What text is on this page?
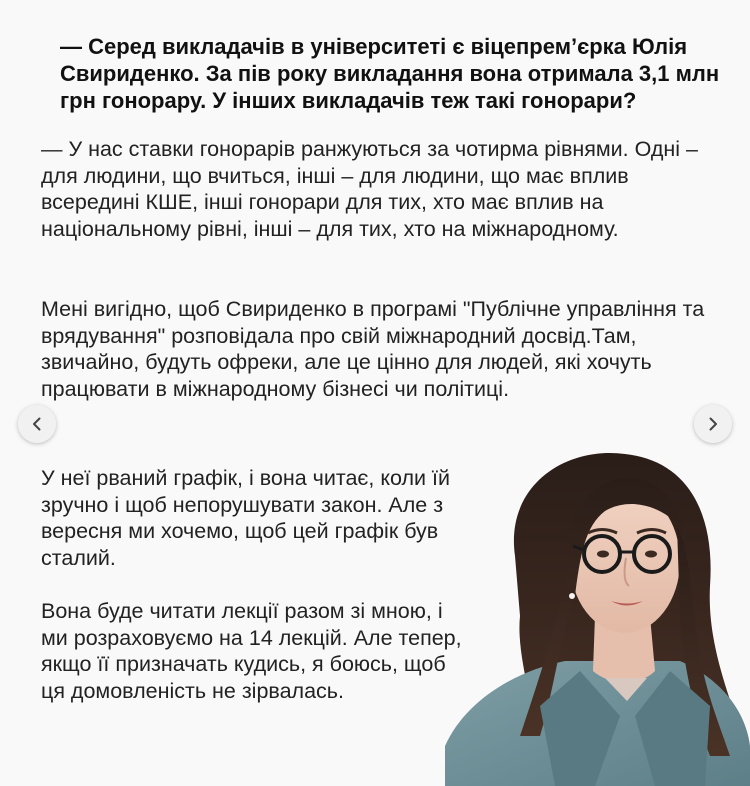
— Серед викладачів в університеті є віцепрем’єрка Юлія Свириденко. За пів року викладання вона отримала 3,1 млн грн гонорару. У інших викладачів теж такі гонорари?

— У нас ставки гонорарів ранжуються за чотирма рівнями. Одні – для людини, що вчиться, інші – для людини, що має вплив всередині КШЕ, інші гонорари для тих, хто має вплив на національному рівні, інші – для тих, хто на міжнародному.

Мені вигідно, щоб Свириденко в програмі "Публічне управління та врядування" розповідала про свій міжнародний досвід.Там, звичайно, будуть офреки, але це цінно для людей, які хочуть працювати в міжнародному бізнесі чи політиці.

У неї рваний графік, і вона читає, коли їй зручно і щоб непорушувати закон. Але з вересня ми хочемо, щоб цей графік був сталий.

Вона буде читати лекції разом зі мною, і ми розраховуємо на 14 лекцій. Але тепер, якщо її призначать кудись, я боюсь, щоб ця домовленість не зірвалась.
